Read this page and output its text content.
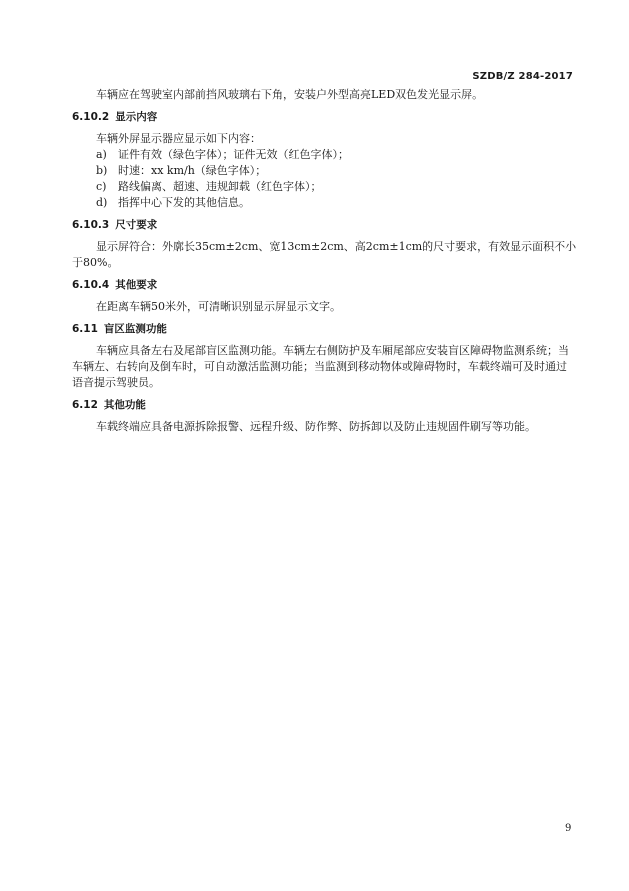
SZDB/Z 284-2017

车辆应在驾驶室内部前挡风玻璃右下角，安装户外型高亮LED双色发光显示屏。

6.10.2 显示内容

车辆外屏显示器应显示如下内容：

a) 证件有效（绿色字体）；证件无效（红色字体）；

b) 时速：xx km/h（绿色字体）；

c) 路线偏离、超速、违规卸载（红色字体）；

d) 指挥中心下发的其他信息。

6.10.3 尺寸要求

显示屏符合：外廓长35cm±2cm、宽13cm±2cm、高2cm±1cm的尺寸要求，有效显示面积不小于80%。

6.10.4 其他要求

在距离车辆50米外，可清晰识别显示屏显示文字。

6.11 盲区监测功能

车辆应具备左右及尾部盲区监测功能。车辆左右侧防护及车厢尾部应安装盲区障碍物监测系统；当车辆左、右转向及倒车时，可自动激活监测功能；当监测到移动物体或障碍物时，车载终端可及时通过语音提示驾驶员。

6.12 其他功能

车载终端应具备电源拆除报警、远程升级、防作弊、防拆卸以及防止违规固件刷写等功能。

9
